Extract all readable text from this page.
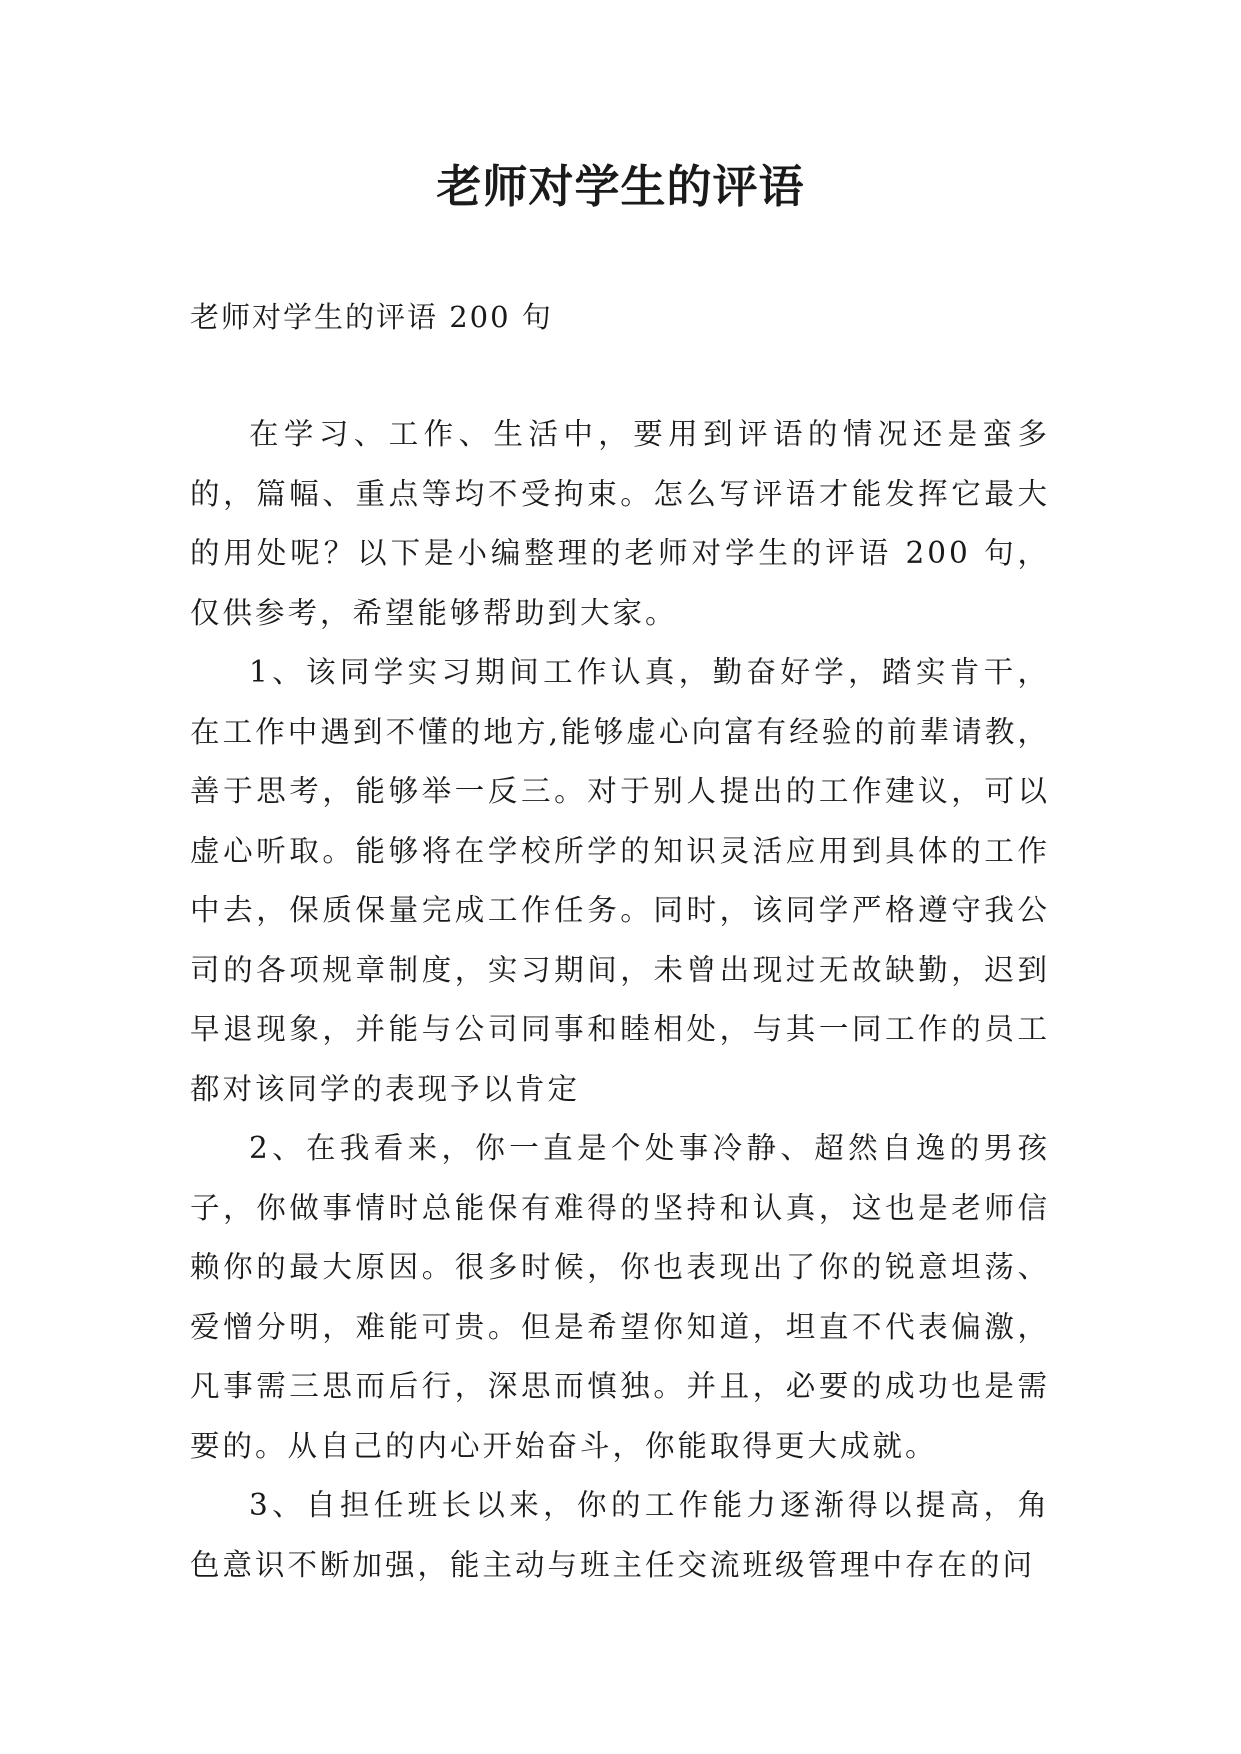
老师对学生的评语

老师对学生的评语 200 句

在学习、工作、生活中，要用到评语的情况还是蛮多的，篇幅、重点等均不受拘束。怎么写评语才能发挥它最大的用处呢？以下是小编整理的老师对学生的评语 200 句，仅供参考，希望能够帮助到大家。

1、该同学实习期间工作认真，勤奋好学，踏实肯干，在工作中遇到不懂的地方,能够虚心向富有经验的前辈请教，善于思考，能够举一反三。对于别人提出的工作建议，可以虚心听取。能够将在学校所学的知识灵活应用到具体的工作中去，保质保量完成工作任务。同时，该同学严格遵守我公司的各项规章制度，实习期间，未曾出现过无故缺勤，迟到早退现象，并能与公司同事和睦相处，与其一同工作的员工都对该同学的表现予以肯定

2、在我看来，你一直是个处事冷静、超然自逸的男孩子，你做事情时总能保有难得的坚持和认真，这也是老师信赖你的最大原因。很多时候，你也表现出了你的锐意坦荡、爱憎分明，难能可贵。但是希望你知道，坦直不代表偏激，凡事需三思而后行，深思而慎独。并且，必要的成功也是需要的。从自己的内心开始奋斗，你能取得更大成就。

3、自担任班长以来，你的工作能力逐渐得以提高，角色意识不断加强，能主动与班主任交流班级管理中存在的问
